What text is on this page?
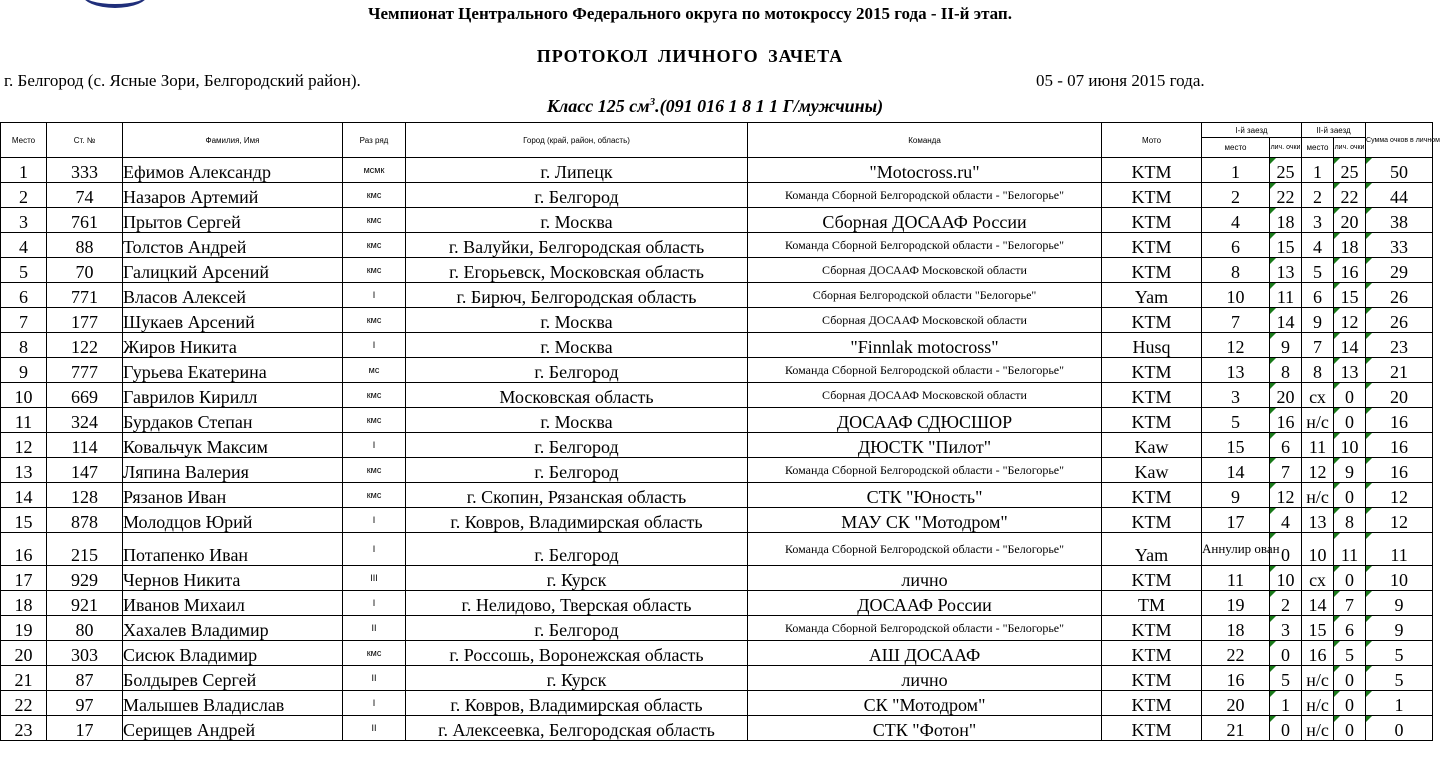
Чемпионат Центрального Федерального округа по мотокроссу 2015 года - II-й этап.
ПРОТОКОЛ ЛИЧНОГО ЗАЧЕТА
г. Белгород (с. Ясные Зори, Белгородский район).	05 - 07 июня 2015 года.
Класс 125 $см^3.(091$ 016 1 8 1 1 Г/мужчины)
Место	Ст. №	Фамилия, Имя	Раз ряд	Город (край, район, область)	Команда	Мото	I-й заезд		II-й заезд		Сумма очков в личном
							место	лич. очки	место	лич. очки	
1	333	Ефимов Александр	мсмк	г. Липецк	"Motocross.ru"	KTM	1	25	1	25	50
2	74	Назаров Артемий	кмс	г. Белгород	Команда Сборной Белгородской области - "Белогорье"	KTM	2	22	2	22	44
3	761	Прытов Сергей	кмс	г. Москва	Сборная ДОСААФ России	KTM	4	18	3	20	38
4	88	Толстов Андрей	кмс	г. Валуйки, Белгородская область	Команда Сборной Белгородской области - "Белогорье"	KTM	6	15	4	18	33
5	70	Галицкий Арсений	кмс	г. Егорьевск, Московская область	Сборная ДОСААФ Московской области	KTM	8	13	5	16	29
6	771	Власов Алексей	I	г. Бирюч, Белгородская область	Сборная Белгородской области "Белогорье"	Yam	10	11	6	15	26
7	177	Шукаев Арсений	кмс	г. Москва	Сборная ДОСААФ Московской области	KTM	7	14	9	12	26
8	122	Жиров Никита	I	г. Москва	"Finnlak motocross"	Husq	12	9	7	14	23
9	777	Гурьева Екатерина	мс	г. Белгород	Команда Сборной Белгородской области - "Белогорье"	KTM	13	8	8	13	21
10	669	Гаврилов Кирилл	кмс	Московская область	Сборная ДОСААФ Московской области	KTM	3	20	сх	0	20
11	324	Бурдаков Степан	кмс	г. Москва	ДОСААФ СДЮСШОР	KTM	5	16	н/с	0	16
12	114	Ковальчук Максим	I	г. Белгород	ДЮСТК "Пилот"	Kaw	15	6	11	10	16
13	147	Ляпина Валерия	кмс	г. Белгород	Команда Сборной Белгородской области - "Белогорье"	Kaw	14	7	12	9	16
14	128	Рязанов Иван	кмс	г. Скопин, Рязанская область	СТК "Юность"	KTM	9	12	н/с	0	12
15	878	Молодцов Юрий	I	г. Ковров, Владимирская область	МАУ СК "Мотодром"	KTM	17	4	13	8	12
16	215	Потапенко Иван	I	г. Белгород	Команда Сборной Белгородской области - "Белогорье"	Yam	Аннулир ован	0	10	11	11
17	929	Чернов Никита	III	г. Курск	лично	KTM	11	10	сх	0	10
18	921	Иванов Михаил	I	г. Нелидово, Тверская область	ДОСААФ России	TM	19	2	14	7	9
19	80	Хахалев Владимир	II	г. Белгород	Команда Сборной Белгородской области - "Белогорье"	KTM	18	3	15	6	9
20	303	Сисюк Владимир	кмс	г. Россошь, Воронежская область	АШ ДОСААФ	KTM	22	0	16	5	5
21	87	Болдырев Сергей	II	г. Курск	лично	KTM	16	5	н/с	0	5
22	97	Малышев Владислав	I	г. Ковров, Владимирская область	СК "Мотодром"	KTM	20	1	н/с	0	1
23	17	Серищев Андрей	II	г. Алексеевка, Белгородская область	СТК "Фотон"	KTM	21	0	н/с	0	0
